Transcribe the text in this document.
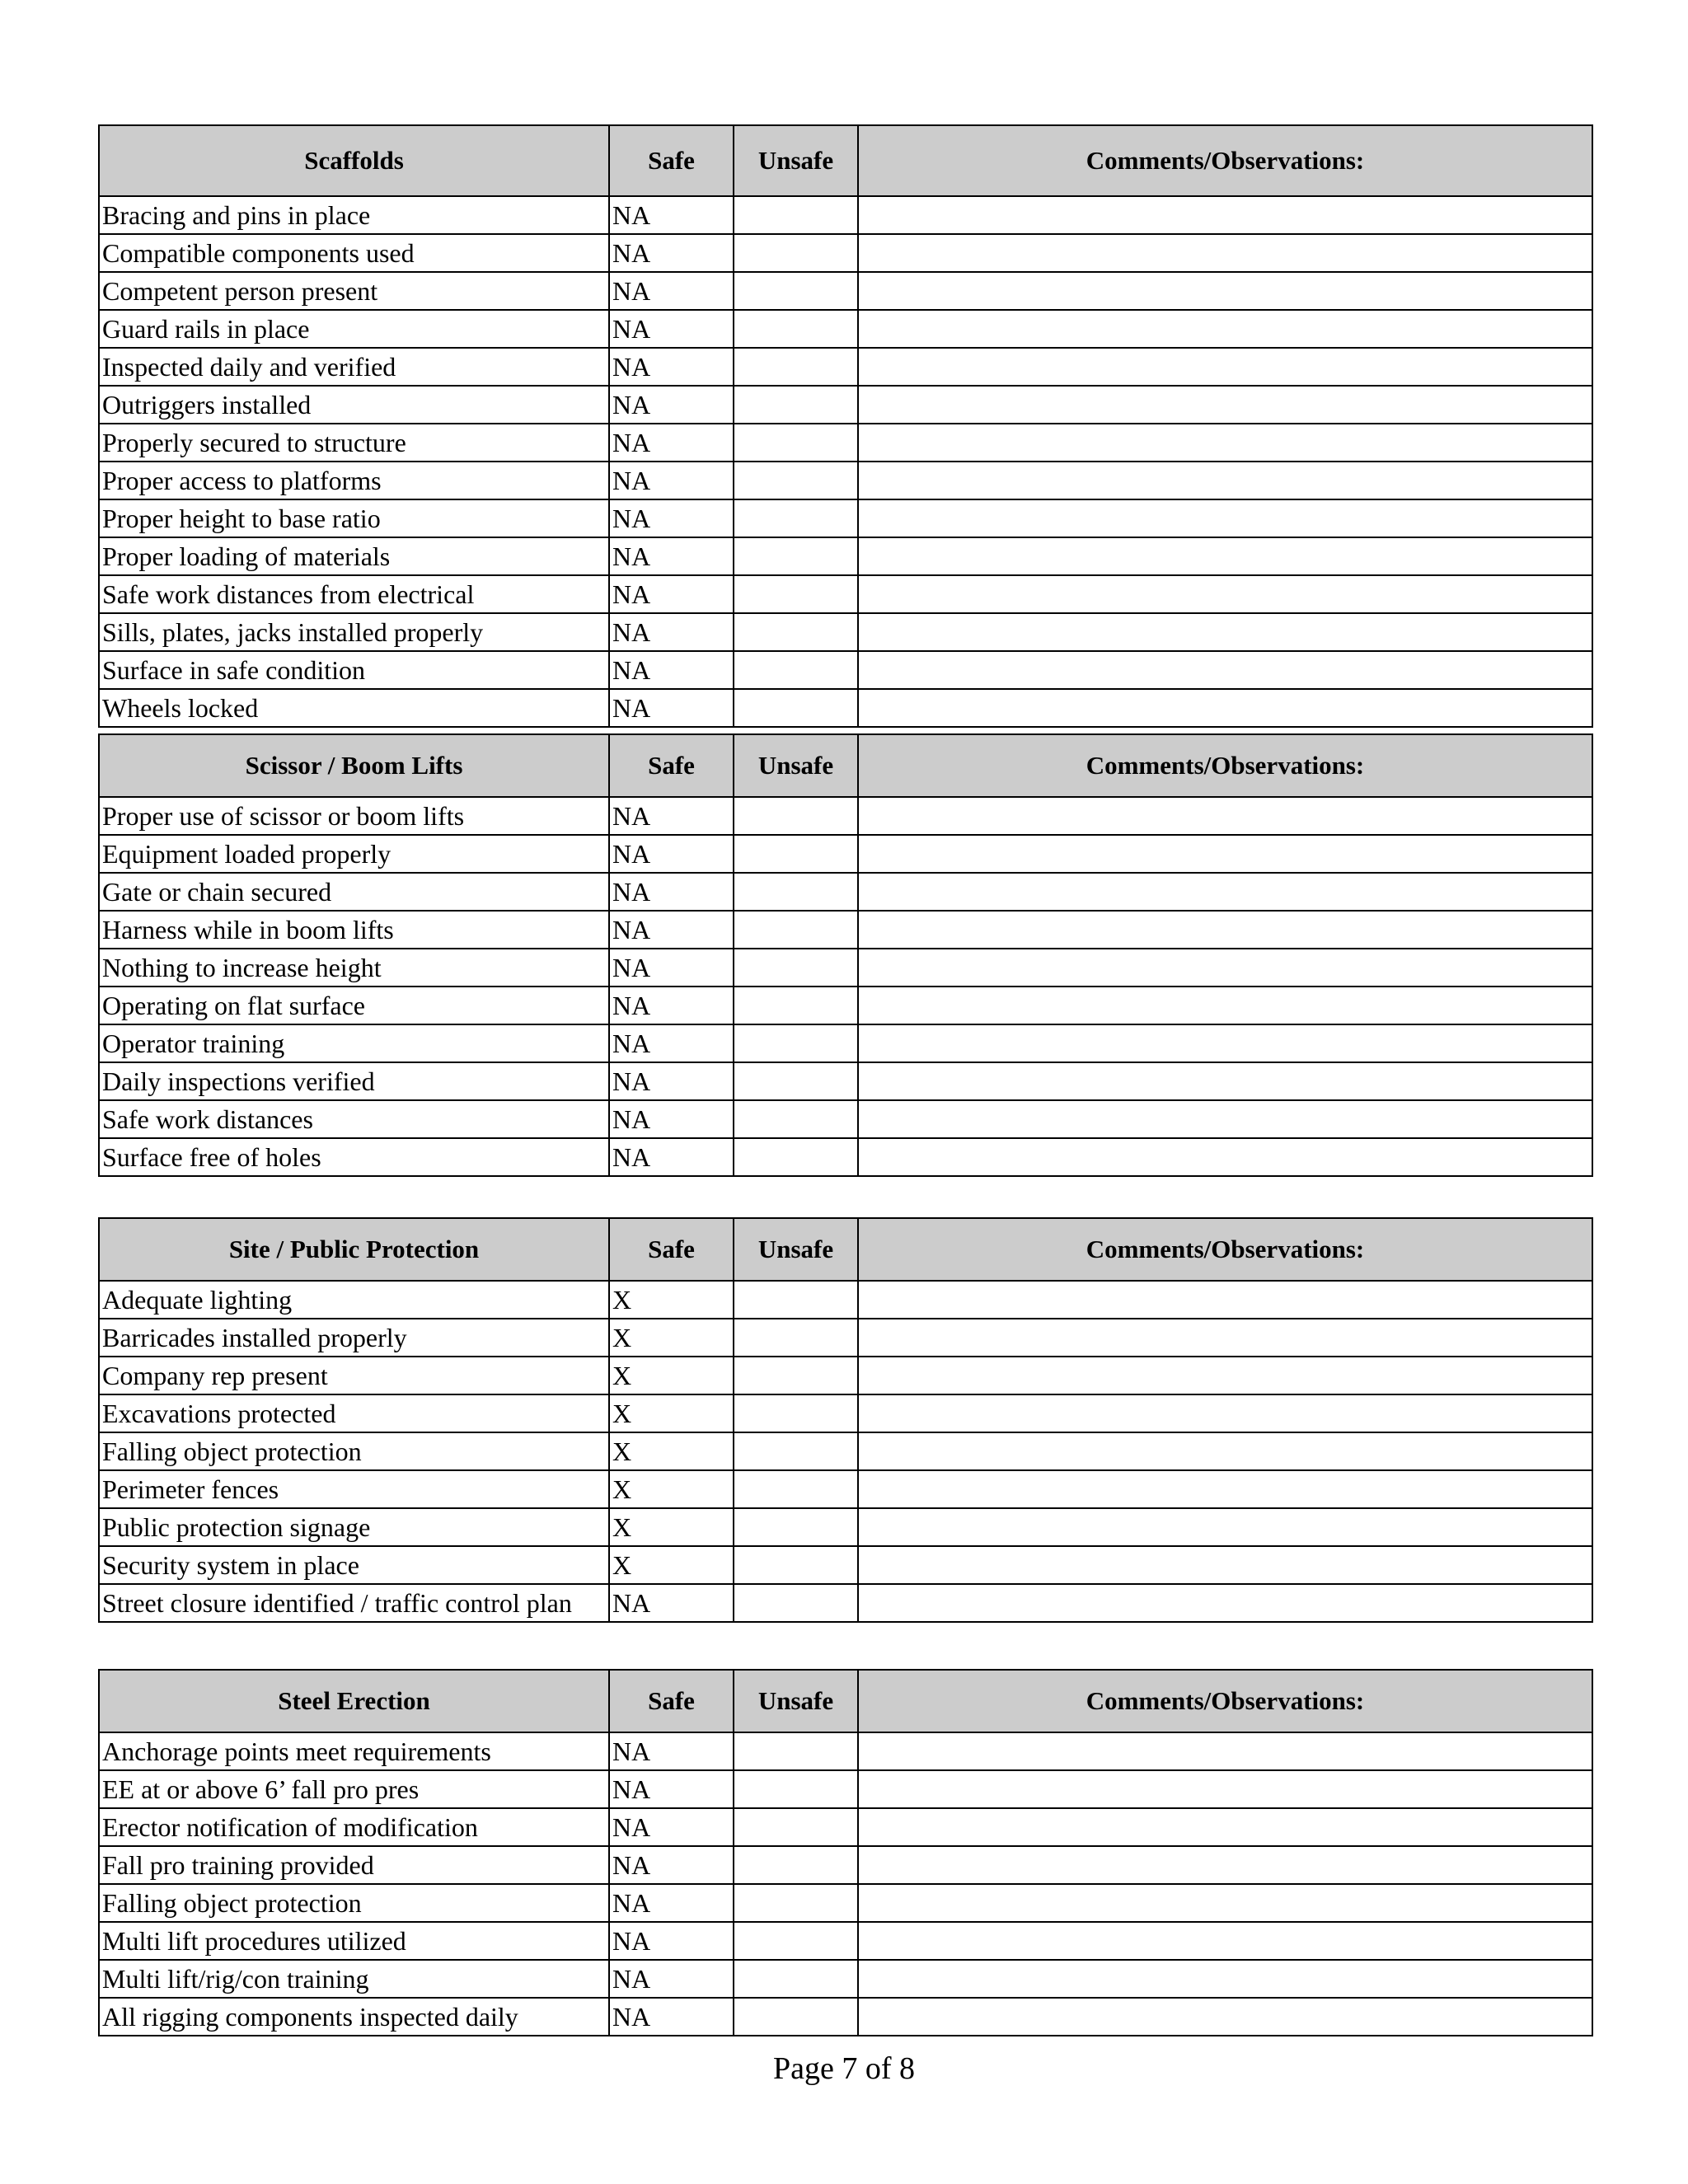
Scaffolds	Safe	Unsafe	Comments/Observations:
Bracing and pins in place	NA		
Compatible components used	NA		
Competent person present	NA		
Guard rails in place	NA		
Inspected daily and verified	NA		
Outriggers installed	NA		
Properly secured to structure	NA		
Proper access to platforms	NA		
Proper height to base ratio	NA		
Proper loading of materials	NA		
Safe work distances from electrical	NA		
Sills, plates, jacks installed properly	NA		
Surface in safe condition	NA		
Wheels locked	NA		
Scissor / Boom Lifts	Safe	Unsafe	Comments/Observations:
Proper use of scissor or boom lifts	NA		
Equipment loaded properly	NA		
Gate or chain secured	NA		
Harness while in boom lifts	NA		
Nothing to increase height	NA		
Operating on flat surface	NA		
Operator training	NA		
Daily inspections verified	NA		
Safe work distances	NA		
Surface free of holes	NA		
Site / Public Protection	Safe	Unsafe	Comments/Observations:
Adequate lighting	X		
Barricades installed properly	X		
Company rep present	X		
Excavations protected	X		
Falling object protection	X		
Perimeter fences	X		
Public protection signage	X		
Security system in place	X		
Street closure identified / traffic control plan	NA		
Steel Erection	Safe	Unsafe	Comments/Observations:
Anchorage points meet requirements	NA		
EE at or above 6’ fall pro pres	NA		
Erector notification of modification	NA		
Fall pro training provided	NA		
Falling object protection	NA		
Multi lift procedures utilized	NA		
Multi lift/rig/con training	NA		
All rigging components inspected daily	NA		
Page 7 of 8
